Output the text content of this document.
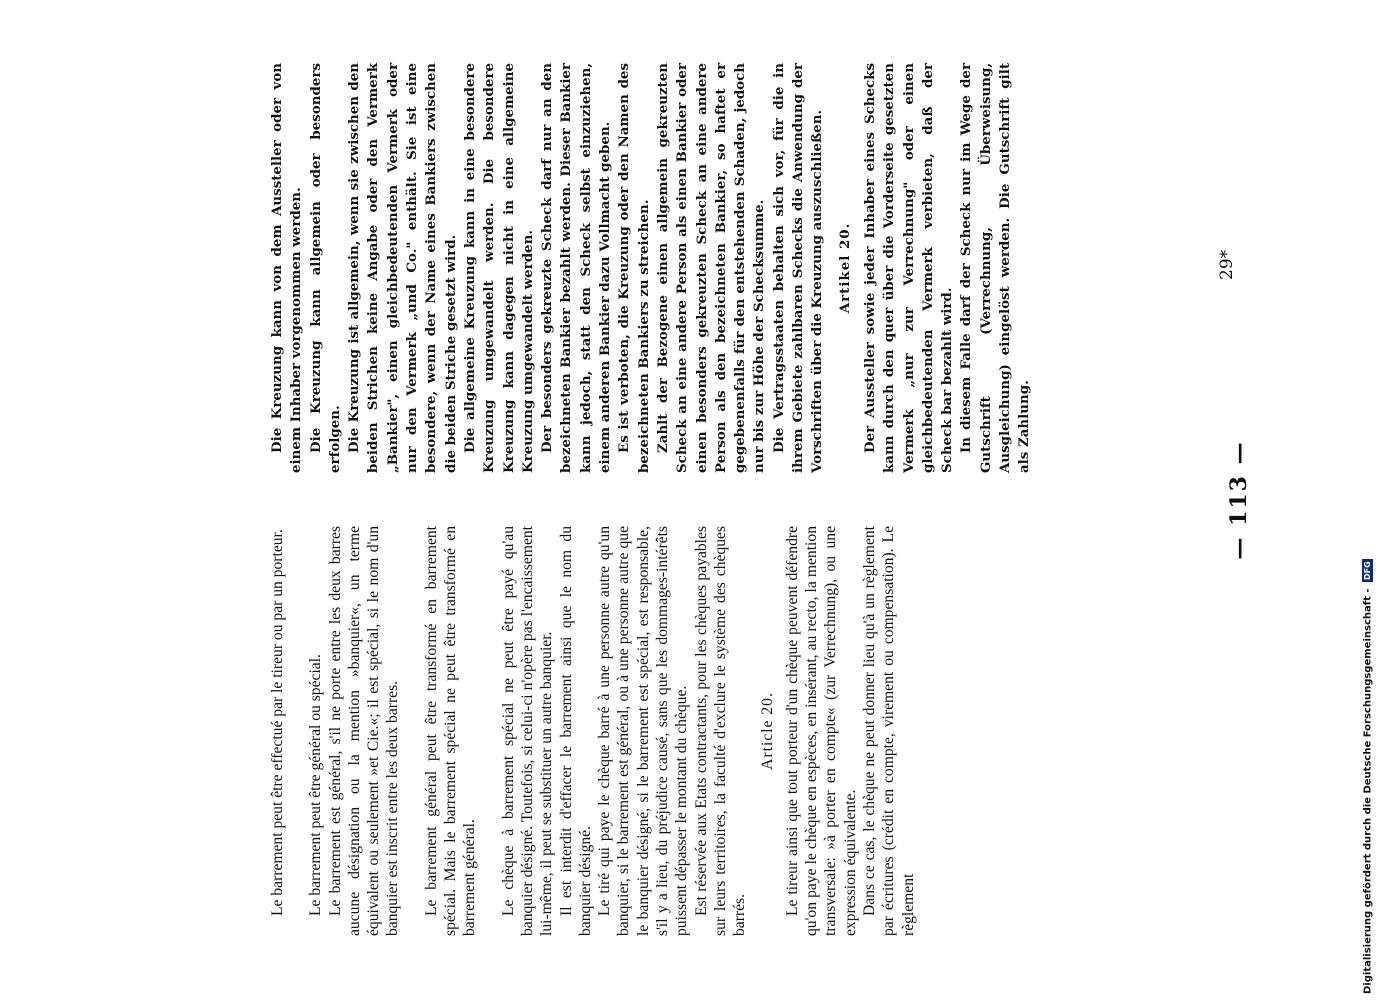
— 113 —

Le barrement peut être effectué par le tireur ou par un porteur. Le barrement peut être général ou spécial. Le barrement est général, s'il ne porte entre les deux barres aucune désignation ou la mention »banquier«, un terme équivalent ou seulement »et Cie.«; il est spécial, si le nom d'un banquier est inscrit entre les deux barres. Le barrement général peut être transformé en barrement spécial. Mais le barrement spécial ne peut être transformé en barrement général. Le chèque à barrement spécial ne peut être payé qu'au banquier désigné. Toutefois, si celui-ci n'opère pas l'encaissement lui-même, il peut se substituer un autre banquier. Il est interdit d'effacer le barrement ainsi que le nom du banquier désigné. Le tiré qui paye le chèque barré à une personne autre qu'un banquier, si le barrement est général, ou à une personne autre que le banquier désigné, si le barrement est spécial, est responsable, s'il y a lieu, du préjudice causé, sans que les dommages-intérêts puissent dépasser le montant du chèque. Est réservée aux Etats contractants, pour les chèques payables sur leurs territoires, la faculté d'exclure le système des chèques barrés.

Article 20. Le tireur ainsi que tout porteur d'un chèque peuvent défendre qu'on paye le chèque en espèces, en insérant, au recto, la mention transversale: »à porter en compte« (zur Verrechnung), ou une expression équivalente. Dans ce cas, le chèque ne peut donner lieu qu'à un règlement par écritures (crédit en compte, virement ou compensation). Le règlement

Die Kreuzung kann von dem Aussteller oder von einem Inhaber vorgenommen werden. Die Kreuzung kann allgemein oder besonders erfolgen. Die Kreuzung ist allgemein, wenn sie zwischen den beiden Strichen keine Angabe oder den Vermerk „Bankier", einen gleichbedeutenden Vermerk oder nur den Vermerk „und Co." enthält. Sie ist eine besondere, wenn der Name eines Bankiers zwischen die beiden Striche gesetzt wird. Die allgemeine Kreuzung kann in eine besondere Kreuzung umgewandelt werden. Die besondere Kreuzung kann dagegen nicht in eine allgemeine Kreuzung umgewandelt werden. Der besonders gekreuzte Scheck darf nur an den bezeichneten Bankier bezahlt werden. Dieser Bankier kann jedoch, statt den Scheck selbst einzuziehen, einem anderen Bankier dazu Vollmacht geben. Es ist verboten, die Kreuzung oder den Namen des bezeichneten Bankiers zu streichen. Zahlt der Bezogene einen allgemein gekreuzten Scheck an eine andere Person als einen Bankier oder einen besonders gekreuzten Scheck an eine andere Person als den bezeichneten Bankier, so haftet er gegebenenfalls für den entstehenden Schaden, jedoch nur bis zur Höhe der Schecksumme. Die Vertragsstaaten behalten sich vor, für die in ihrem Gebiete zahlbaren Schecks die Anwendung der Vorschriften über die Kreuzung auszuschließen. Artikel 20. Der Aussteller sowie jeder Inhaber eines Schecks kann durch den quer über die Vorderseite gesetzten Vermerk „nur zur Verrechnung" oder einen gleichbedeutenden Vermerk verbieten, daß der Scheck bar bezahlt wird. In diesem Falle darf der Scheck nur im Wege der Gutschrift (Verrechnung, Überweisung, Ausgleichung) eingelöst werden. Die Gutschrift gilt als Zahlung.

29*
Digitalisierung gefördert durch die Deutsche Forschungsgemeinschaft - DFG
